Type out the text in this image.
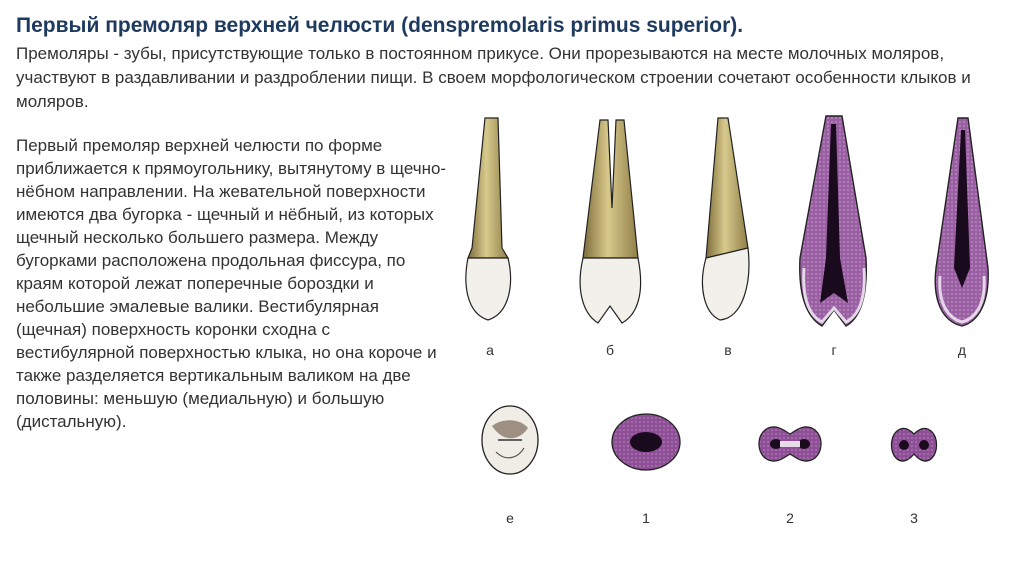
Первый премоляр верхней челюсти (denspremolaris primus superior).

Премоляры - зубы, присутствующие только в постоянном прикусе. Они прорезываются на месте молочных моляров, участвуют в раздавливании и раздроблении пищи. В своем морфологическом строении сочетают особенности клыков и моляров.

Первый премоляр верхней челюсти по форме приближается к прямоугольнику, вытянутому в щечно-нёбном направлении. На жевательной поверхности имеются два бугорка - щечный и нёбный, из которых щечный несколько большего размера. Между бугорками расположена продольная фиссура, по краям которой лежат поперечные бороздки и небольшие эмалевые валики. Вестибулярная (щечная) поверхность коронки сходна с вестибулярной поверхностью клыка, но она короче и также разделяется вертикальным валиком на две половины: меньшую (медиальную) и большую (дистальную).

а	б	в	г	д
е	1	2	3
